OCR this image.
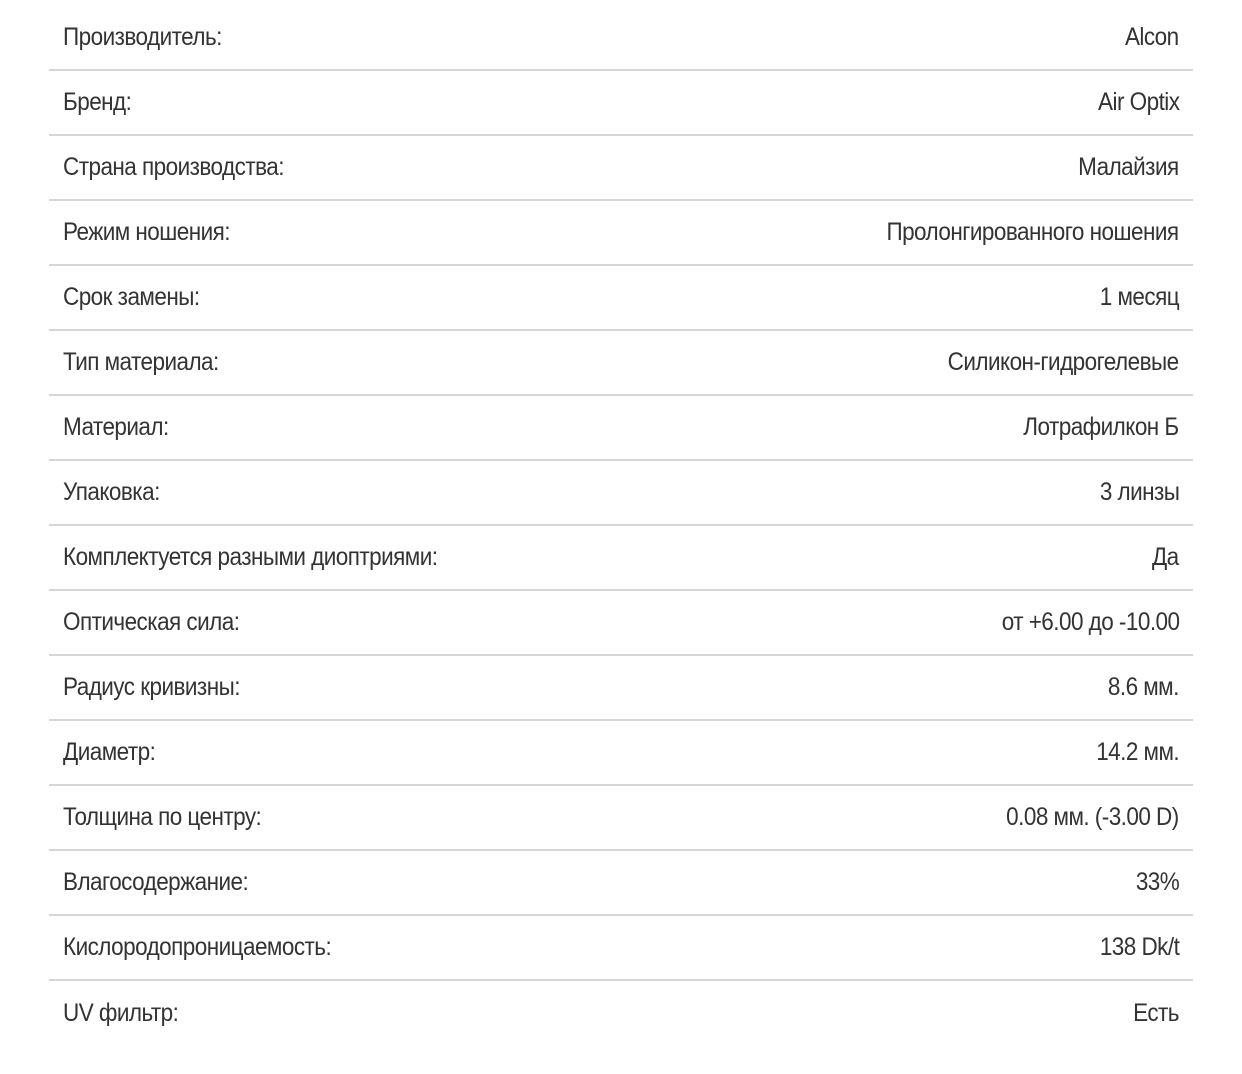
Производитель:	Alcon
Бренд:	Air Optix
Страна производства:	Малайзия
Режим ношения:	Пролонгированного ношения
Срок замены:	1 месяц
Тип материала:	Силикон-гидрогелевые
Материал:	Лотрафилкон Б
Упаковка:	3 линзы
Комплектуется разными диоптриями:	Да
Оптическая сила:	от +6.00 до -10.00
Радиус кривизны:	8.6 мм.
Диаметр:	14.2 мм.
Толщина по центру:	0.08 мм. (-3.00 D)
Влагосодержание:	33%
Кислородопроницаемость:	138 Dk/t
UV фильтр:	Есть
